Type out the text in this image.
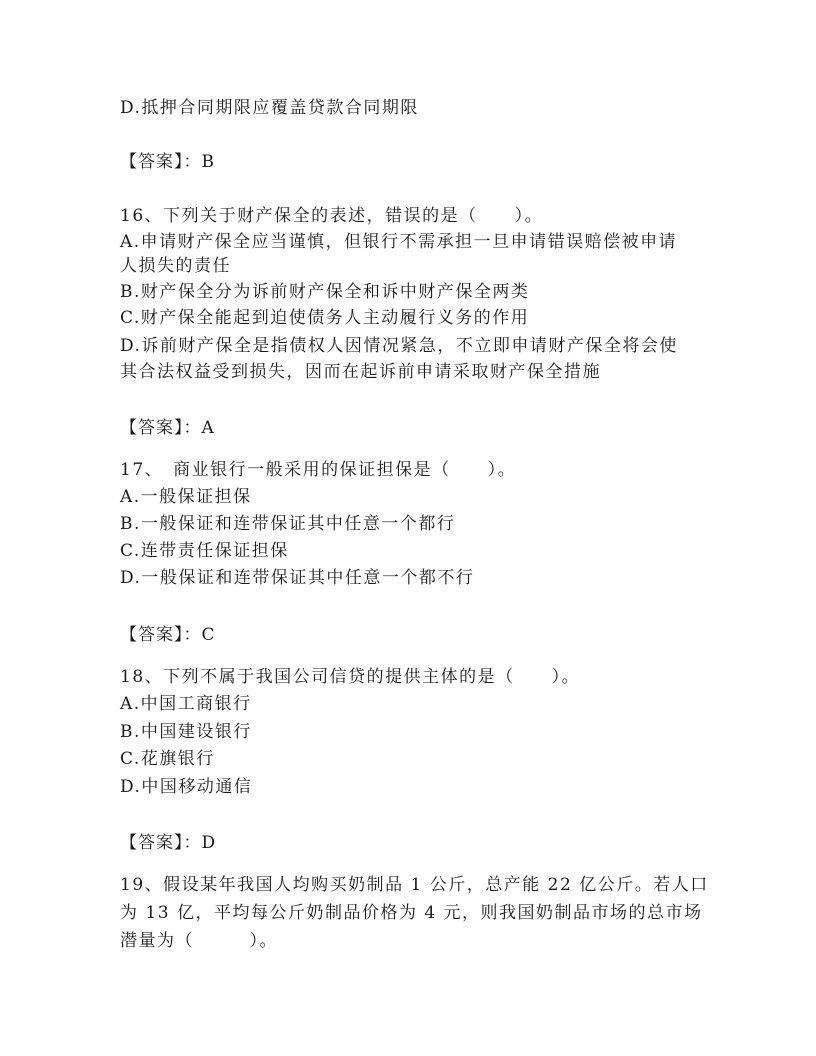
D.抵押合同期限应覆盖贷款合同期限
【答案】：B
16、下列关于财产保全的表述，错误的是（　　）。
A.申请财产保全应当谨慎，但银行不需承担一旦申请错误赔偿被申请
人损失的责任
B.财产保全分为诉前财产保全和诉中财产保全两类
C.财产保全能起到迫使债务人主动履行义务的作用
D.诉前财产保全是指债权人因情况紧急，不立即申请财产保全将会使
其合法权益受到损失，因而在起诉前申请采取财产保全措施
【答案】：A
17、　商业银行一般采用的保证担保是（　　）。
A.一般保证担保
B.一般保证和连带保证其中任意一个都行
C.连带责任保证担保
D.一般保证和连带保证其中任意一个都不行
【答案】：C
18、下列不属于我国公司信贷的提供主体的是（　　）。
A.中国工商银行
B.中国建设银行
C.花旗银行
D.中国移动通信
【答案】：D
19、假设某年我国人均购买奶制品 1 公斤，总产能 22 亿公斤。若人口
为 13 亿，平均每公斤奶制品价格为 4 元，则我国奶制品市场的总市场
潜量为（　　　）。
